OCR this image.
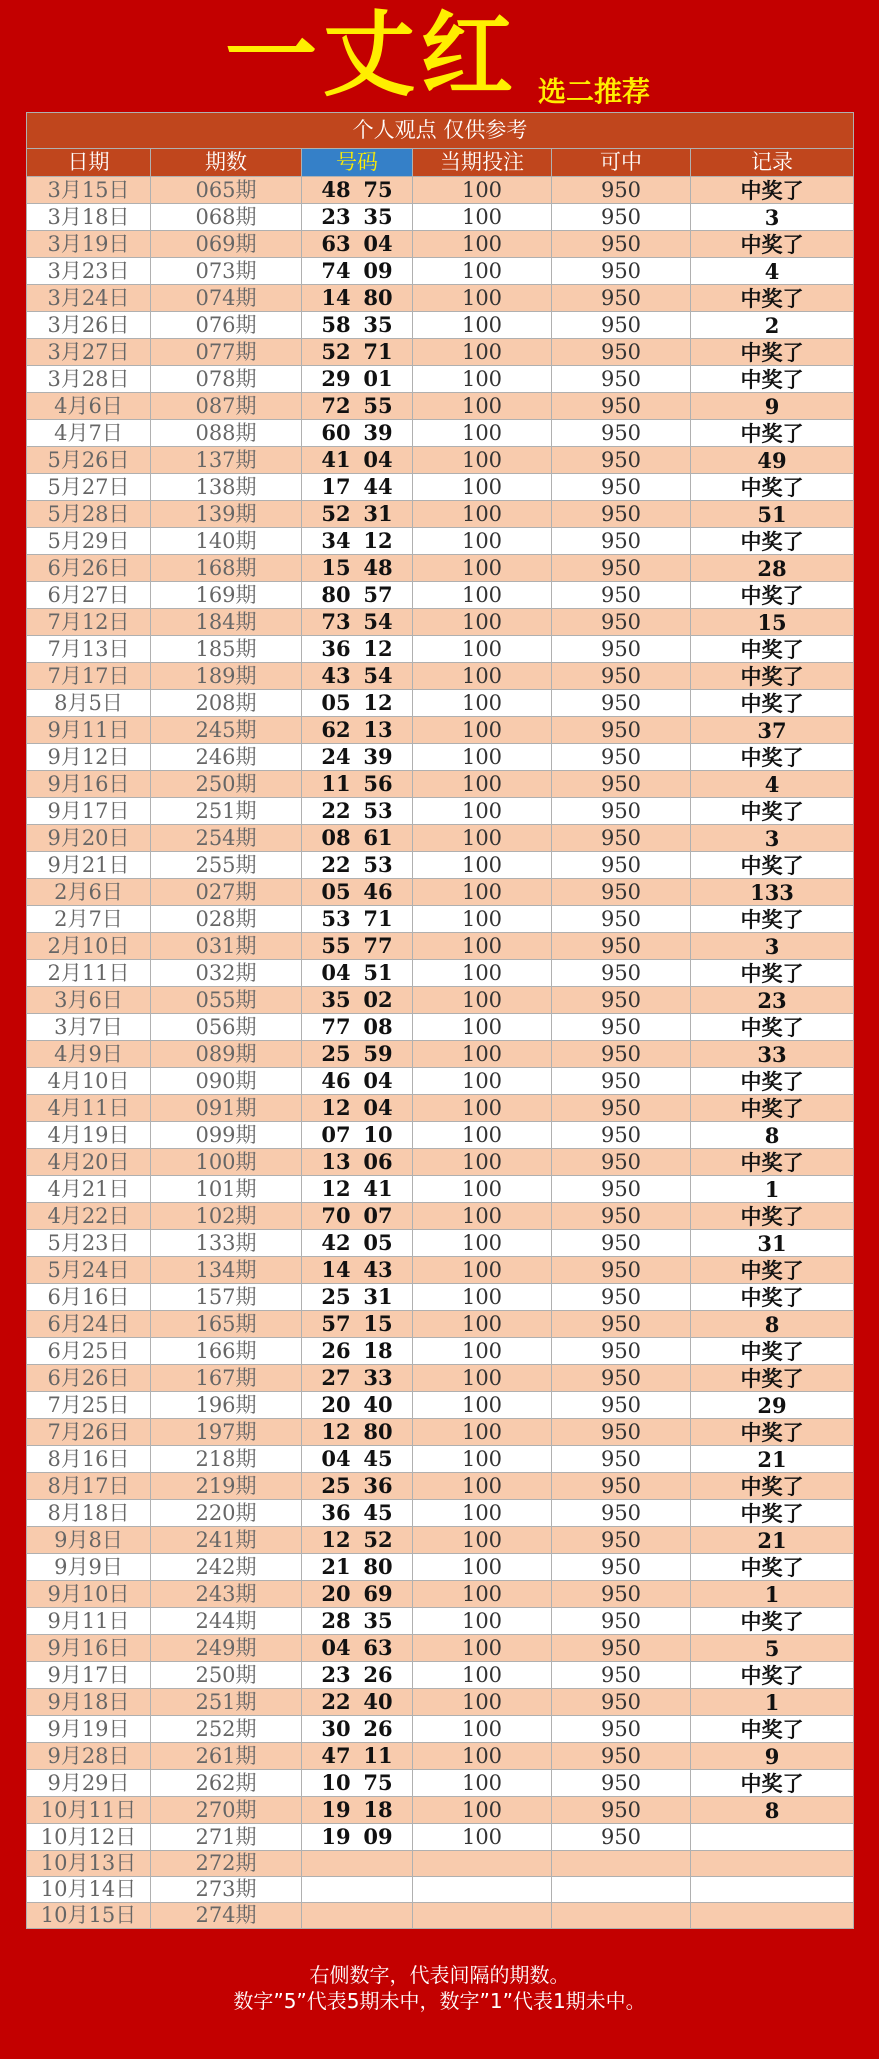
一丈红 选二推荐
个人观点 仅供参考					
日期	期数	号码	当期投注	可中	记录
3月15日	065期	48 75	100	950	中奖了
3月18日	068期	23 35	100	950	3
3月19日	069期	63 04	100	950	中奖了
3月23日	073期	74 09	100	950	4
3月24日	074期	14 80	100	950	中奖了
3月26日	076期	58 35	100	950	2
3月27日	077期	52 71	100	950	中奖了
3月28日	078期	29 01	100	950	中奖了
4月6日	087期	72 55	100	950	9
4月7日	088期	60 39	100	950	中奖了
5月26日	137期	41 04	100	950	49
5月27日	138期	17 44	100	950	中奖了
5月28日	139期	52 31	100	950	51
5月29日	140期	34 12	100	950	中奖了
6月26日	168期	15 48	100	950	28
6月27日	169期	80 57	100	950	中奖了
7月12日	184期	73 54	100	950	15
7月13日	185期	36 12	100	950	中奖了
7月17日	189期	43 54	100	950	中奖了
8月5日	208期	05 12	100	950	中奖了
9月11日	245期	62 13	100	950	37
9月12日	246期	24 39	100	950	中奖了
9月16日	250期	11 56	100	950	4
9月17日	251期	22 53	100	950	中奖了
9月20日	254期	08 61	100	950	3
9月21日	255期	22 53	100	950	中奖了
2月6日	027期	05 46	100	950	133
2月7日	028期	53 71	100	950	中奖了
2月10日	031期	55 77	100	950	3
2月11日	032期	04 51	100	950	中奖了
3月6日	055期	35 02	100	950	23
3月7日	056期	77 08	100	950	中奖了
4月9日	089期	25 59	100	950	33
4月10日	090期	46 04	100	950	中奖了
4月11日	091期	12 04	100	950	中奖了
4月19日	099期	07 10	100	950	8
4月20日	100期	13 06	100	950	中奖了
4月21日	101期	12 41	100	950	1
4月22日	102期	70 07	100	950	中奖了
5月23日	133期	42 05	100	950	31
5月24日	134期	14 43	100	950	中奖了
6月16日	157期	25 31	100	950	中奖了
6月24日	165期	57 15	100	950	8
6月25日	166期	26 18	100	950	中奖了
6月26日	167期	27 33	100	950	中奖了
7月25日	196期	20 40	100	950	29
7月26日	197期	12 80	100	950	中奖了
8月16日	218期	04 45	100	950	21
8月17日	219期	25 36	100	950	中奖了
8月18日	220期	36 45	100	950	中奖了
9月8日	241期	12 52	100	950	21
9月9日	242期	21 80	100	950	中奖了
9月10日	243期	20 69	100	950	1
9月11日	244期	28 35	100	950	中奖了
9月16日	249期	04 63	100	950	5
9月17日	250期	23 26	100	950	中奖了
9月18日	251期	22 40	100	950	1
9月19日	252期	30 26	100	950	中奖了
9月28日	261期	47 11	100	950	9
9月29日	262期	10 75	100	950	中奖了
10月11日	270期	19 18	100	950	8
10月12日	271期	19 09	100	950	
10月13日	272期				
10月14日	273期				
10月15日	274期				
右侧数字，代表间隔的期数。
数字”5”代表5期未中，数字”1”代表1期未中。
